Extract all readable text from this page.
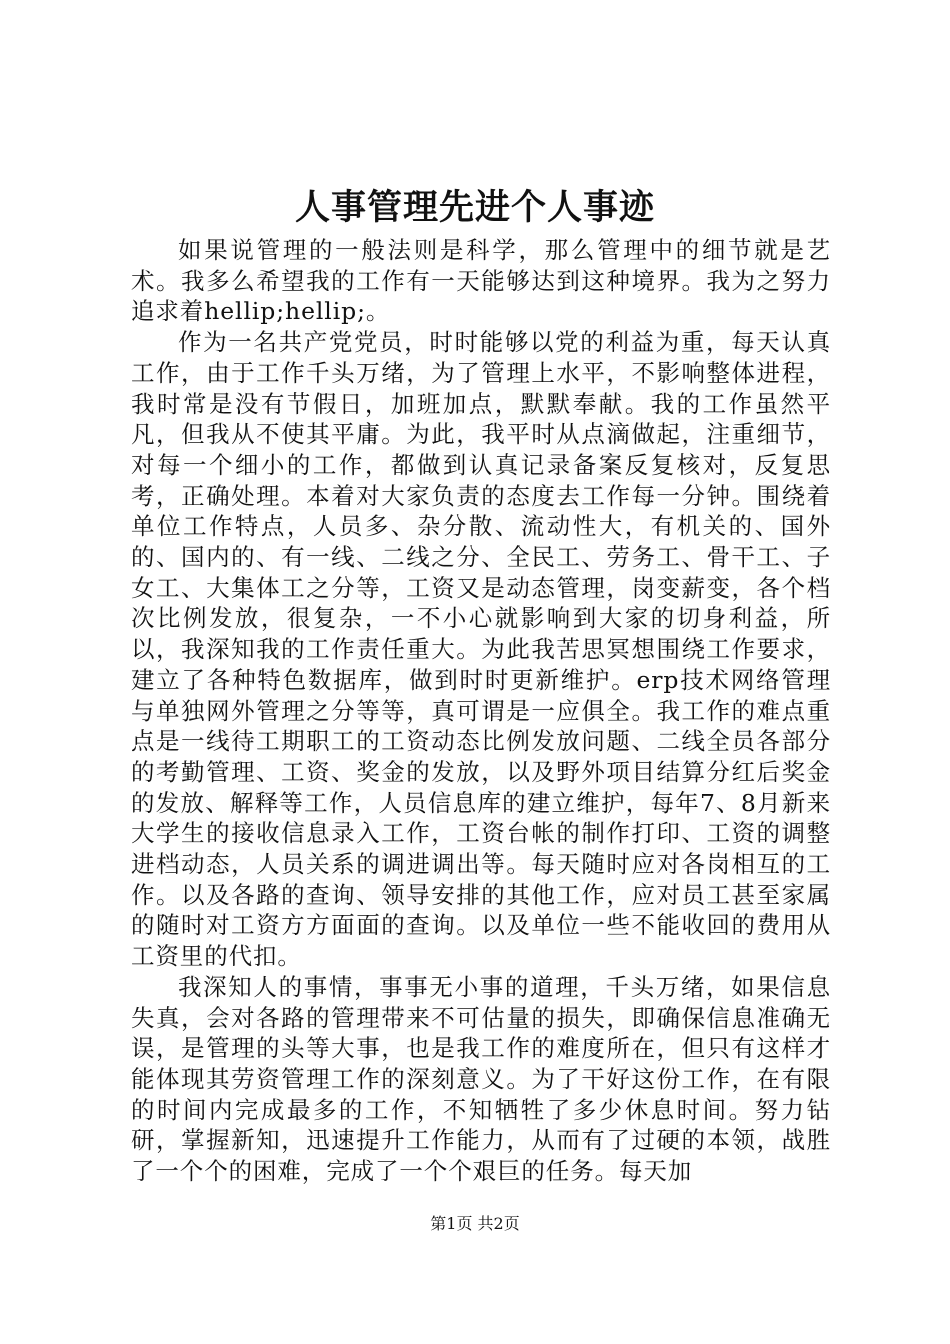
人事管理先进个人事迹

如果说管理的一般法则是科学，那么管理中的细节就是艺术。我多么希望我的工作有一天能够达到这种境界。我为之努力追求着hellip;hellip;。

作为一名共产党党员，时时能够以党的利益为重，每天认真工作，由于工作千头万绪，为了管理上水平，不影响整体进程，我时常是没有节假日，加班加点，默默奉献。我的工作虽然平凡，但我从不使其平庸。为此，我平时从点滴做起，注重细节，对每一个细小的工作，都做到认真记录备案反复核对，反复思考，正确处理。本着对大家负责的态度去工作每一分钟。围绕着单位工作特点，人员多、杂分散、流动性大，有机关的、国外的、国内的、有一线、二线之分、全民工、劳务工、骨干工、子女工、大集体工之分等，工资又是动态管理，岗变薪变，各个档次比例发放，很复杂，一不小心就影响到大家的切身利益，所以，我深知我的工作责任重大。为此我苦思冥想围绕工作要求，建立了各种特色数据库，做到时时更新维护。erp技术网络管理与单独网外管理之分等等，真可谓是一应俱全。我工作的难点重点是一线待工期职工的工资动态比例发放问题、二线全员各部分的考勤管理、工资、奖金的发放，以及野外项目结算分红后奖金的发放、解释等工作，人员信息库的建立维护，每年7、8月新来大学生的接收信息录入工作，工资台帐的制作打印、工资的调整进档动态，人员关系的调进调出等。每天随时应对各岗相互的工作。以及各路的查询、领导安排的其他工作，应对员工甚至家属的随时对工资方方面面的查询。以及单位一些不能收回的费用从工资里的代扣。

我深知人的事情，事事无小事的道理，千头万绪，如果信息失真，会对各路的管理带来不可估量的损失，即确保信息准确无误，是管理的头等大事，也是我工作的难度所在，但只有这样才能体现其劳资管理工作的深刻意义。为了干好这份工作，在有限的时间内完成最多的工作，不知牺牲了多少休息时间。努力钻研，掌握新知，迅速提升工作能力，从而有了过硬的本领，战胜了一个个的困难，完成了一个个艰巨的任务。每天加

第1页 共2页
